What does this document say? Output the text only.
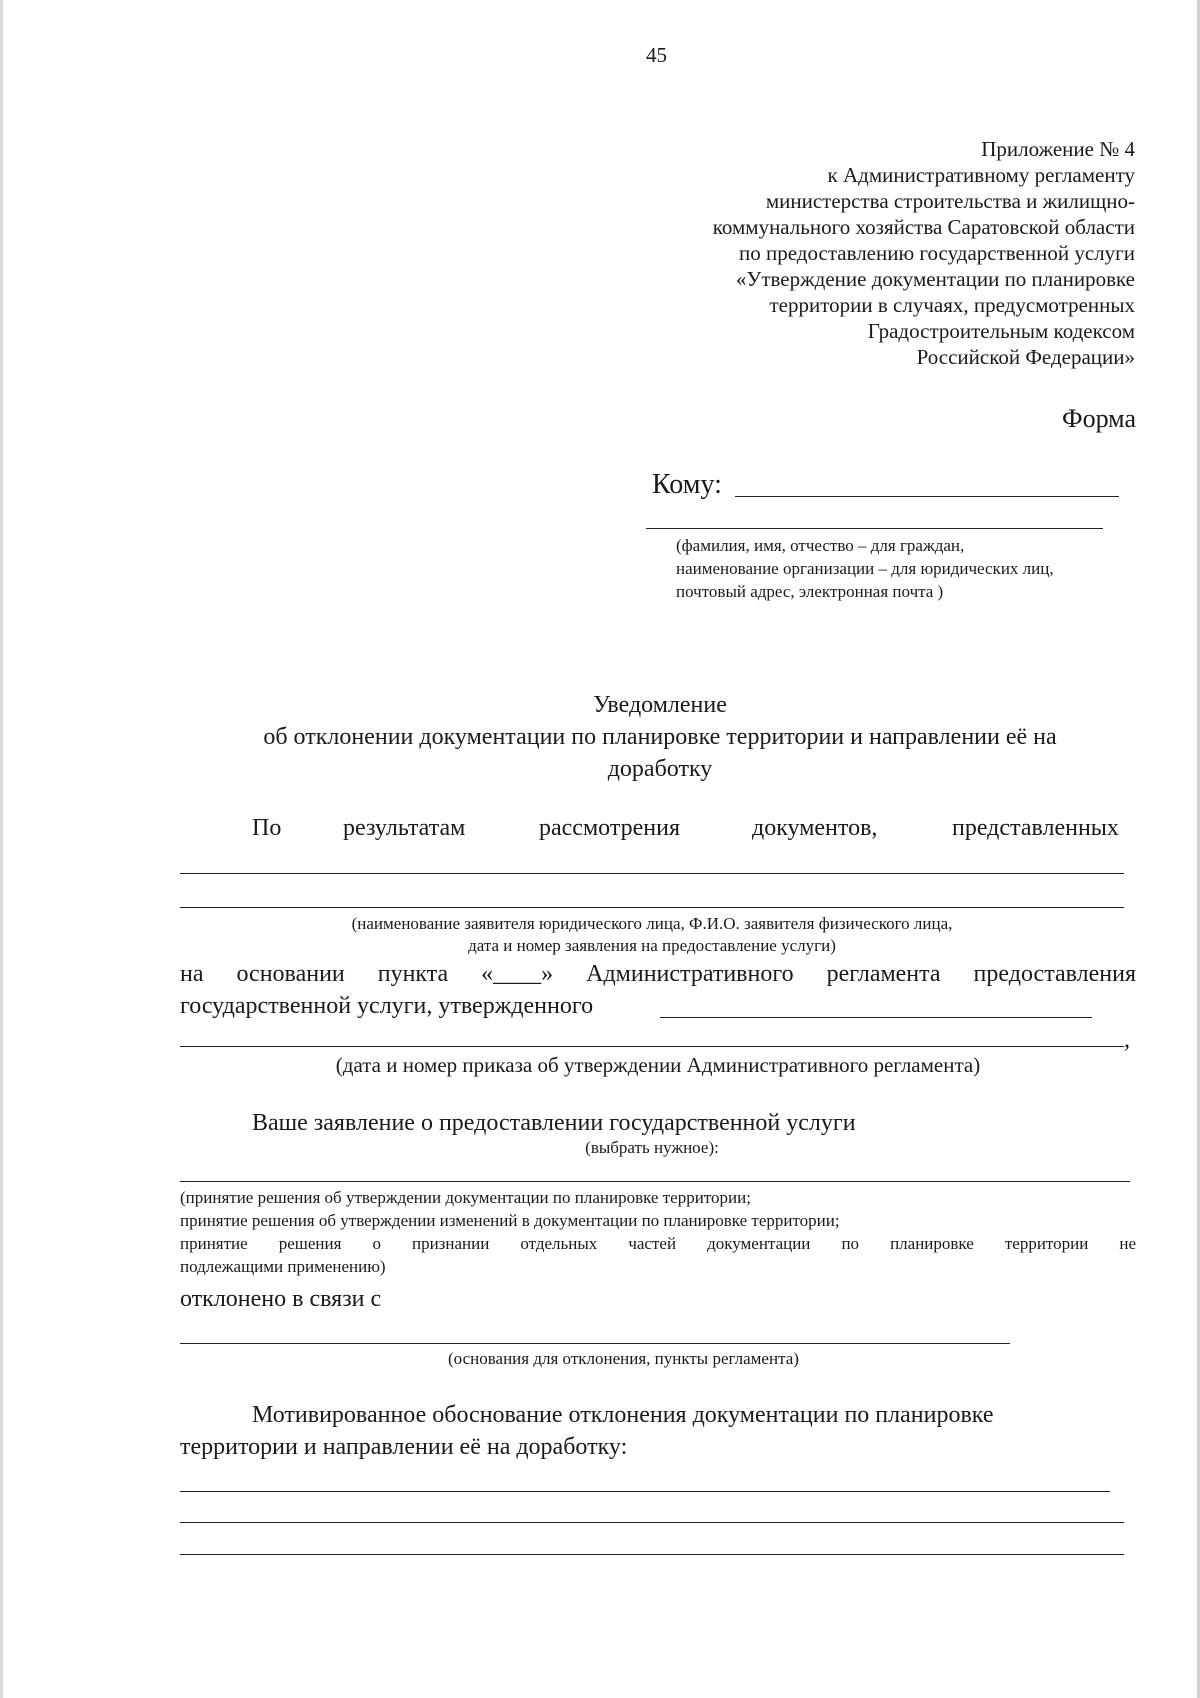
45
Приложение № 4
к Административному регламенту
министерства строительства и жилищно-
коммунального хозяйства Саратовской области
по предоставлению государственной услуги
«Утверждение документации по планировке
территории в случаях, предусмотренных
Градостроительным кодексом
Российской Федерации»
Форма
Кому:
(фамилия, имя, отчество – для граждан,
наименование организации – для юридических лиц,
почтовый адрес, электронная почта )
Уведомление
об отклонении документации по планировке территории и направлении её на
доработку
По	результатам	рассмотрения	документов,	представленных
(наименование заявителя юридического лица, Ф.И.О. заявителя физического лица,
дата и номер заявления на предоставление услуги)
на основании пункта «____» Административного регламента предоставления
государственной услуги, утвержденного
,
(дата и номер приказа об утверждении Административного регламента)
Ваше заявление о предоставлении государственной услуги
(выбрать нужное):
(принятие решения об утверждении документации по планировке территории;
принятие решения об утверждении изменений в документации по планировке территории;
принятие решения о признании отдельных частей документации по планировке территории не
подлежащими применению)
отклонено в связи с
(основания для отклонения, пункты регламента)
Мотивированное обоснование отклонения документации по планировке
территории и направлении её на доработку:
